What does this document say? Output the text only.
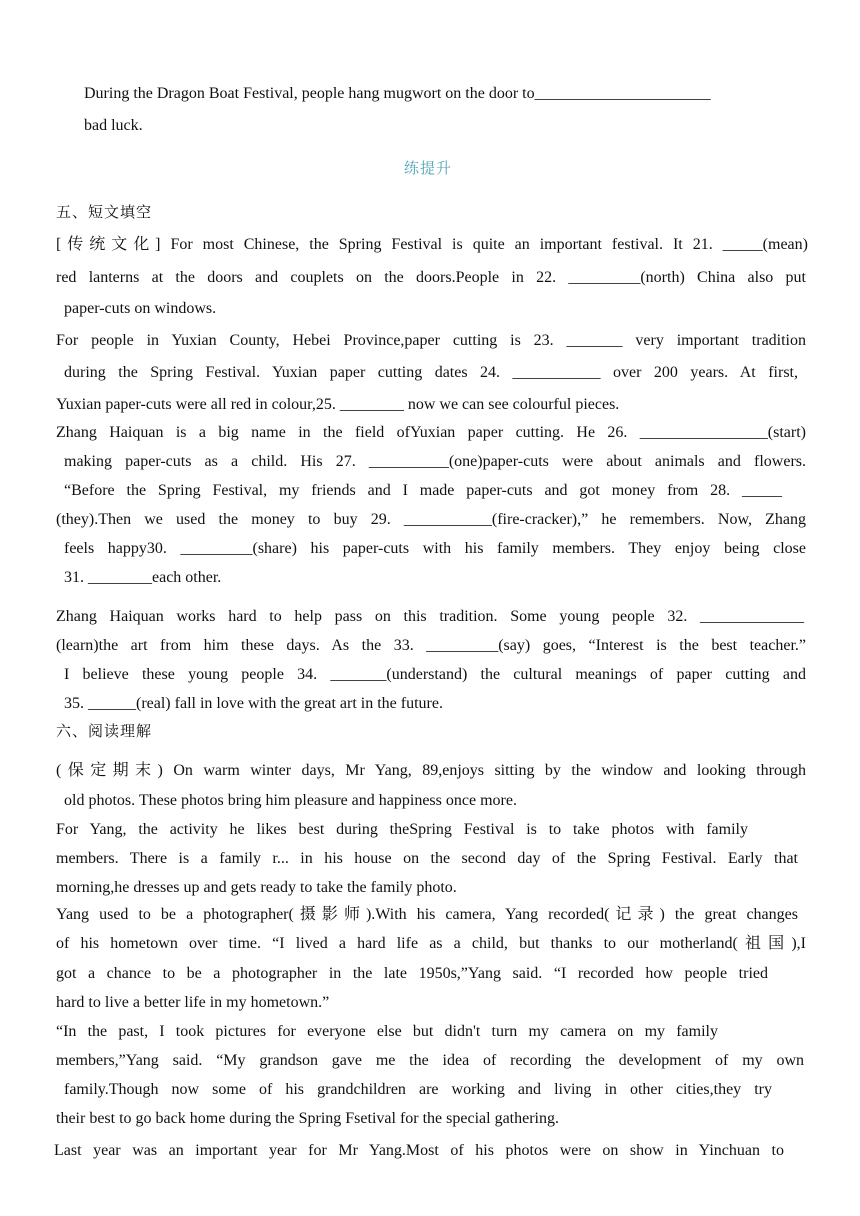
During the Dragon Boat Festival, people hang mugwort on the door to______________________
bad luck.
练提升
五、短文填空
[传统文化] For most Chinese, the Spring Festival is quite an important festival. It 21. _____(mean)
red lanterns at the doors and couplets on the doors.People in 22. _________(north) China also put
paper-cuts on windows.
For people in Yuxian County, Hebei Province,paper cutting is 23. _______ very important tradition
during the Spring Festival. Yuxian paper cutting dates 24. ___________ over 200 years. At first,
Yuxian paper-cuts were all red in colour,25. ________ now we can see colourful pieces.
Zhang Haiquan is a big name in the field ofYuxian paper cutting. He 26. ________________(start)
making paper-cuts as a child. His 27. __________(one)paper-cuts were about animals and flowers.
“Before the Spring Festival, my friends and I made paper-cuts and got money from 28. _____
(they).Then we used the money to buy 29. ___________(fire-cracker),” he remembers. Now, Zhang
feels happy30. _________(share) his paper-cuts with his family members. They enjoy being close
31. ________each other.
Zhang Haiquan works hard to help pass on this tradition. Some young people 32. _____________
(learn)the art from him these days. As the 33. _________(say) goes, “Interest is the best teacher.”
I believe these young people 34. _______(understand) the cultural meanings of paper cutting and
35. ______(real) fall in love with the great art in the future.
六、阅读理解
(保定期末) On warm winter days, Mr Yang, 89,enjoys sitting by the window and looking through
old photos. These photos bring him pleasure and happiness once more.
For Yang, the activity he likes best during theSpring Festival is to take photos with family
members. There is a family r... in his house on the second day of the Spring Festival. Early that
morning,he dresses up and gets ready to take the family photo.
Yang used to be a photographer(摄影师).With his camera, Yang recorded(记录) the great changes
of his hometown over time. “I lived a hard life as a child, but thanks to our motherland(祖国),I
got a chance to be a photographer in the late 1950s,”Yang said. “I recorded how people tried
hard to live a better life in my hometown.”
“In the past, I took pictures for everyone else but didn't turn my camera on my family
members,”Yang said. “My grandson gave me the idea of recording the development of my own
family.Though now some of his grandchildren are working and living in other cities,they try
their best to go back home during the Spring Fsetival for the special gathering.
Last year was an important year for Mr Yang.Most of his photos were on show in Yinchuan to
